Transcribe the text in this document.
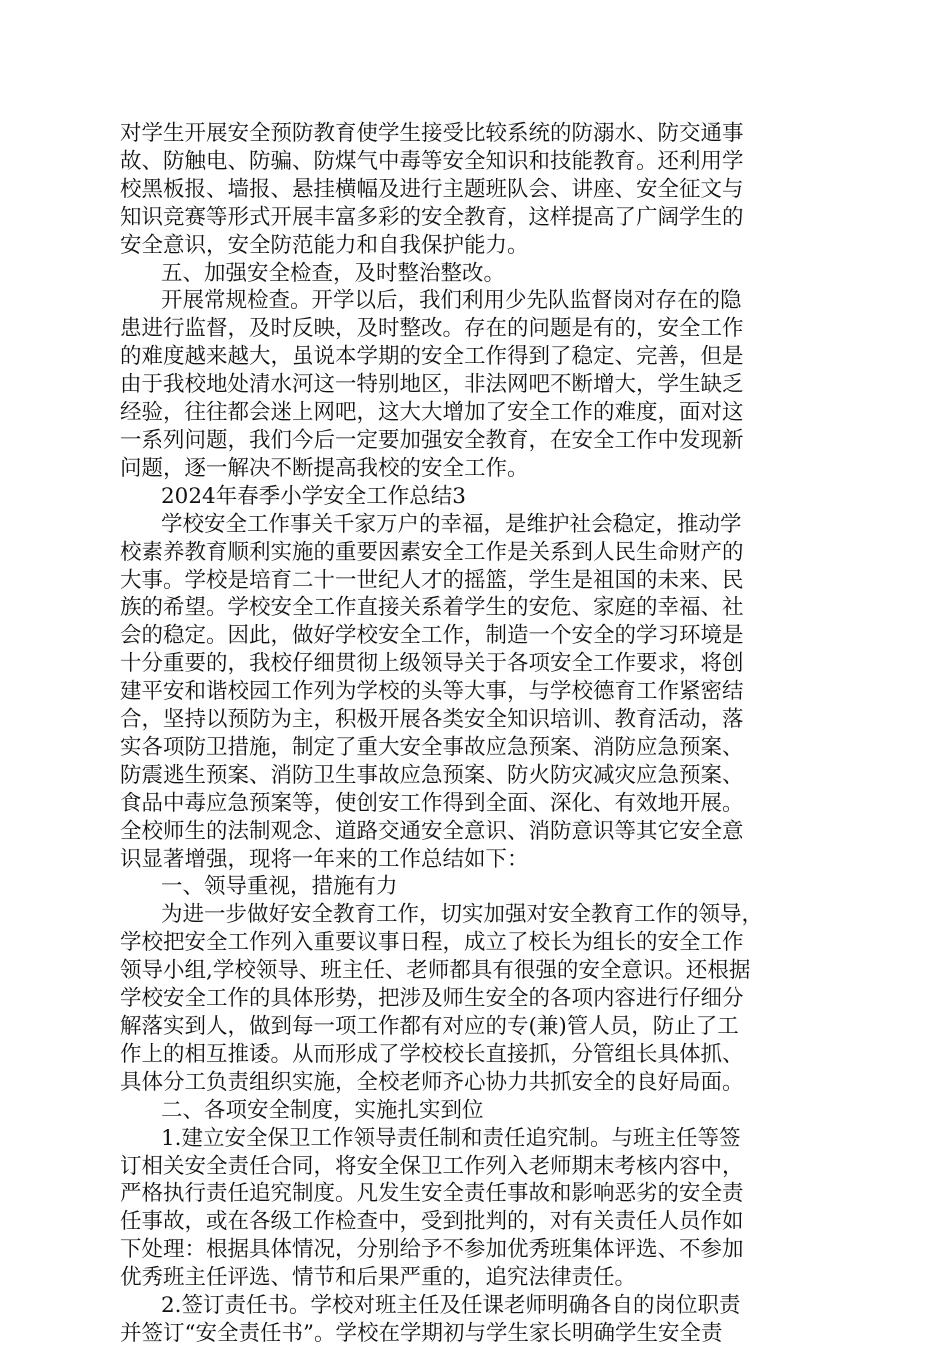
对学生开展安全预防教育使学生接受比较系统的防溺水、防交通事
故、防触电、防骗、防煤气中毒等安全知识和技能教育。还利用学
校黑板报、墙报、悬挂横幅及进行主题班队会、讲座、安全征文与
知识竞赛等形式开展丰富多彩的安全教育，这样提高了广阔学生的
安全意识，安全防范能力和自我保护能力。
五、加强安全检查，及时整治整改。
开展常规检查。开学以后，我们利用少先队监督岗对存在的隐
患进行监督，及时反映，及时整改。存在的问题是有的，安全工作
的难度越来越大，虽说本学期的安全工作得到了稳定、完善，但是
由于我校地处清水河这一特别地区，非法网吧不断增大，学生缺乏
经验，往往都会迷上网吧，这大大增加了安全工作的难度，面对这
一系列问题，我们今后一定要加强安全教育，在安全工作中发现新
问题，逐一解决不断提高我校的安全工作。
2024年春季小学安全工作总结3
学校安全工作事关千家万户的幸福，是维护社会稳定，推动学
校素养教育顺利实施的重要因素安全工作是关系到人民生命财产的
大事。学校是培育二十一世纪人才的摇篮，学生是祖国的未来、民
族的希望。学校安全工作直接关系着学生的安危、家庭的幸福、社
会的稳定。因此，做好学校安全工作，制造一个安全的学习环境是
十分重要的，我校仔细贯彻上级领导关于各项安全工作要求，将创
建平安和谐校园工作列为学校的头等大事，与学校德育工作紧密结
合，坚持以预防为主，积极开展各类安全知识培训、教育活动，落
实各项防卫措施，制定了重大安全事故应急预案、消防应急预案、
防震逃生预案、消防卫生事故应急预案、防火防灾减灾应急预案、
食品中毒应急预案等，使创安工作得到全面、深化、有效地开展。
全校师生的法制观念、道路交通安全意识、消防意识等其它安全意
识显著增强，现将一年来的工作总结如下：
一、领导重视，措施有力
为进一步做好安全教育工作，切实加强对安全教育工作的领导，
学校把安全工作列入重要议事日程，成立了校长为组长的安全工作
领导小组,学校领导、班主任、老师都具有很强的安全意识。还根据
学校安全工作的具体形势，把涉及师生安全的各项内容进行仔细分
解落实到人，做到每一项工作都有对应的专(兼)管人员，防止了工
作上的相互推诿。从而形成了学校校长直接抓，分管组长具体抓、
具体分工负责组织实施，全校老师齐心协力共抓安全的良好局面。
二、各项安全制度，实施扎实到位
1.建立安全保卫工作领导责任制和责任追究制。与班主任等签
订相关安全责任合同，将安全保卫工作列入老师期末考核内容中，
严格执行责任追究制度。凡发生安全责任事故和影响恶劣的安全责
任事故，或在各级工作检查中，受到批判的，对有关责任人员作如
下处理：根据具体情况，分别给予不参加优秀班集体评选、不参加
优秀班主任评选、情节和后果严重的，追究法律责任。
2.签订责任书。学校对班主任及任课老师明确各自的岗位职责
并签订“安全责任书”。学校在学期初与学生家长明确学生安全责
